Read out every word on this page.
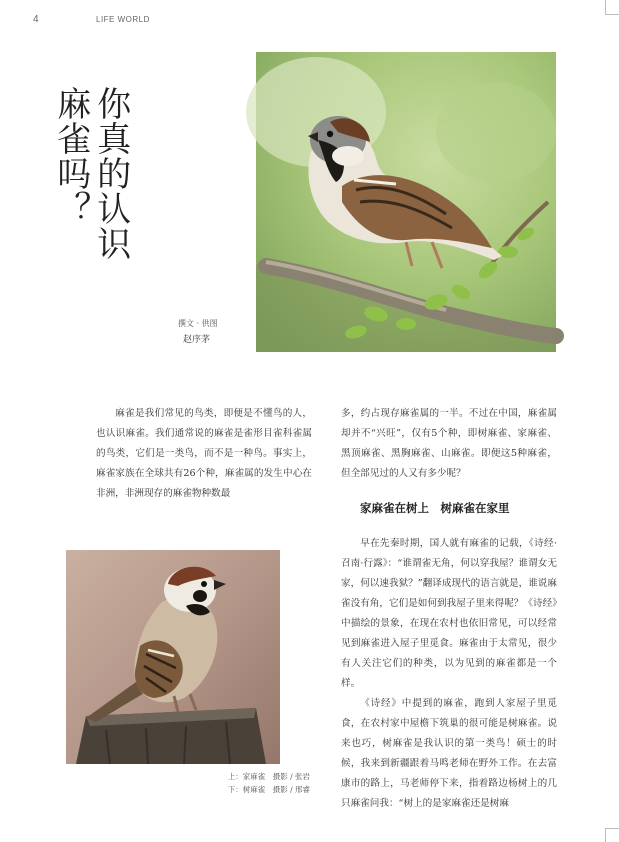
4	LIFE WORLD
你真的认识
麻雀吗？
撰文 · 供图
赵序茅

麻雀是我们常见的鸟类，即便是不懂鸟的人，也认识麻雀。我们通常说的麻雀是雀形目雀科雀属的鸟类，它们是一类鸟，而不是一种鸟。事实上，麻雀家族在全球共有26个种，麻雀属的发生中心在非洲，非洲现存的麻雀物种数最

多，约占现存麻雀属的一半。不过在中国，麻雀属却并不“兴旺”，仅有5个种，即树麻雀、家麻雀、黑顶麻雀、黑胸麻雀、山麻雀。即便这5种麻雀，但全部见过的人又有多少呢？

家麻雀在树上　树麻雀在家里

早在先秦时期，国人就有麻雀的记载，《诗经·召南·行露》：“谁谓雀无角，何以穿我屋？谁谓女无家，何以速我狱？”翻译成现代的语言就是，谁说麻雀没有角，它们是如何到我屋子里来得呢？《诗经》中描绘的景象，在现在农村也依旧常见，可以经常见到麻雀进入屋子里觅食。麻雀由于太常见，很少有人关注它们的种类，以为见到的麻雀都是一个样。

《诗经》中提到的麻雀，跑到人家屋子里觅食，在农村家中屋檐下筑巢的很可能是树麻雀。说来也巧，树麻雀是我认识的第一类鸟！硕士的时候，我来到新疆跟着马鸣老师在野外工作。在去富康市的路上，马老师停下来，指着路边杨树上的几只麻雀问我：“树上的是家麻雀还是树麻

上：家麻雀　摄影 / 张岩
下：树麻雀　摄影 / 邢睿
